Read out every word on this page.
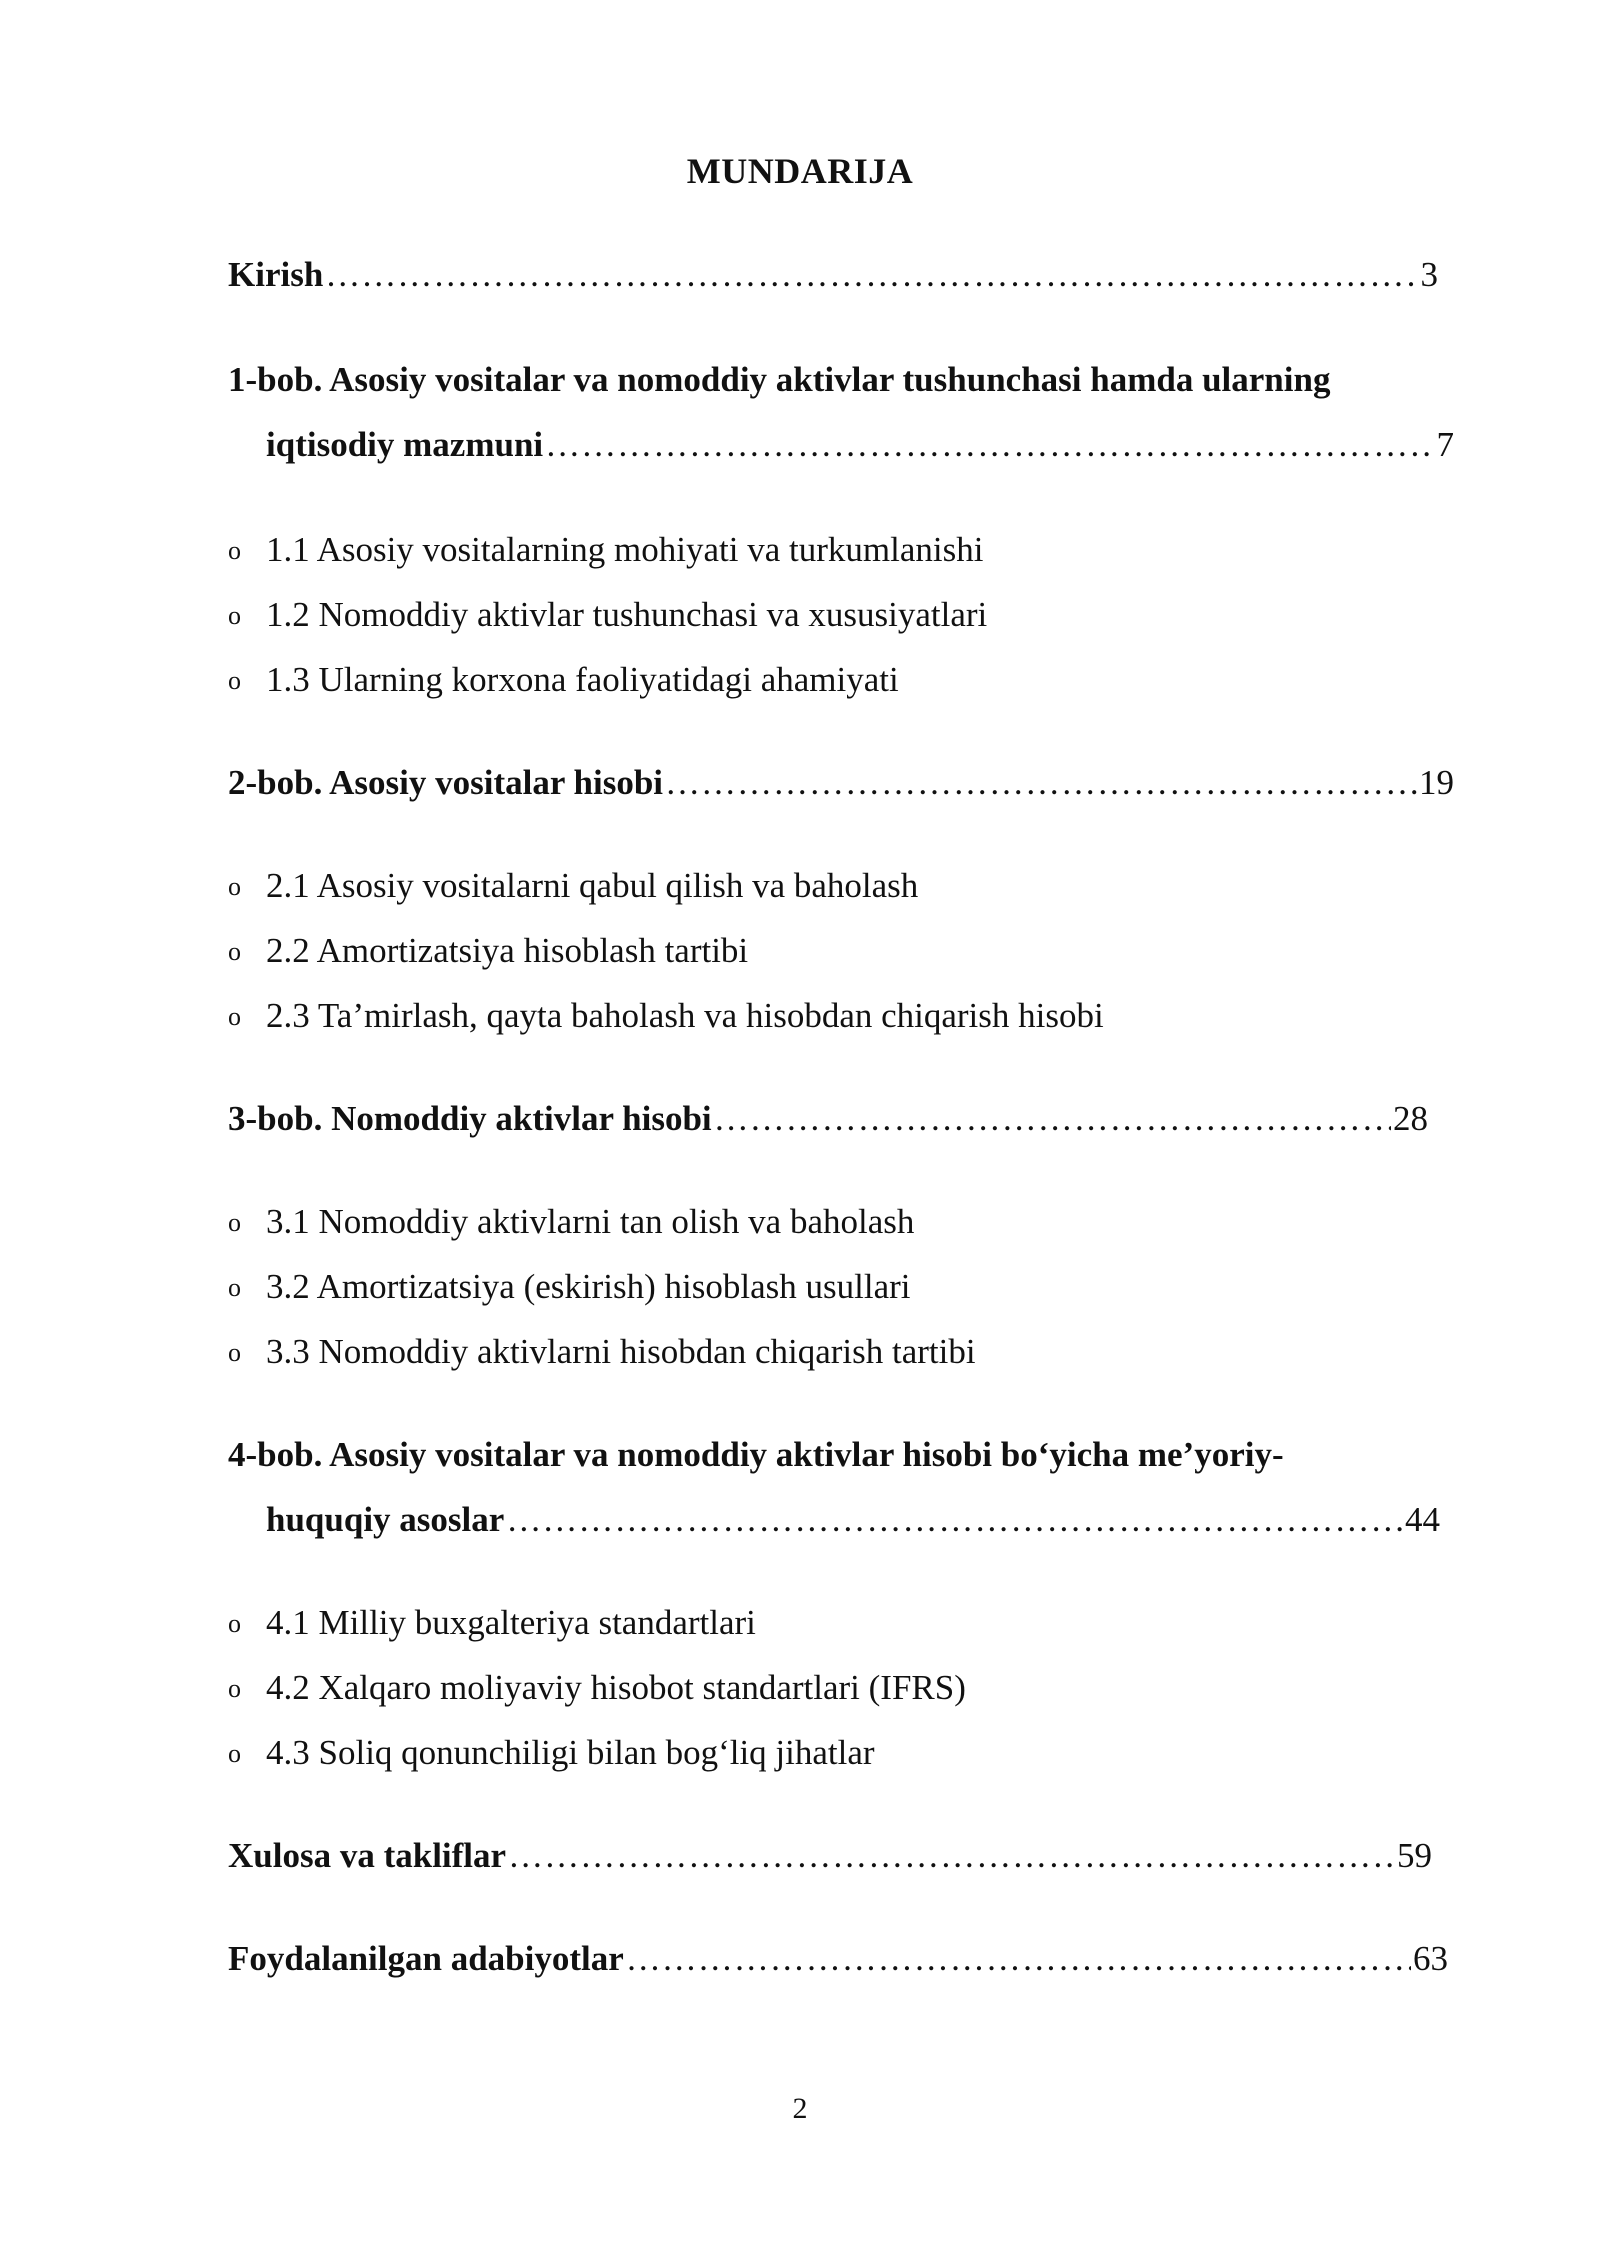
MUNDARIJA
Kirish ………………………………………………………………………………………………………………………………………………………………………………………………………………	3
1-bob. Asosiy vositalar va nomoddiy aktivlar tushunchasi hamda ularning
iqtisodiy mazmuni ………………………………………………………………………………………………………………………………………………………………………………………………………………	7
o 1.1 Asosiy vositalarning mohiyati va turkumlanishi
o 1.2 Nomoddiy aktivlar tushunchasi va xususiyatlari
o 1.3 Ularning korxona faoliyatidagi ahamiyati
2-bob. Asosiy vositalar hisobi ………………………………………………………………………………………………………………………………………………………………………………………………………………	19
o 2.1 Asosiy vositalarni qabul qilish va baholash
o 2.2 Amortizatsiya hisoblash tartibi
o 2.3 Ta’mirlash, qayta baholash va hisobdan chiqarish hisobi
3-bob. Nomoddiy aktivlar hisobi ………………………………………………………………………………………………………………………………………………………………………………………………………………	28
o 3.1 Nomoddiy aktivlarni tan olish va baholash
o 3.2 Amortizatsiya (eskirish) hisoblash usullari
o 3.3 Nomoddiy aktivlarni hisobdan chiqarish tartibi
4-bob. Asosiy vositalar va nomoddiy aktivlar hisobi bo‘yicha me’yoriy-
huquqiy asoslar ………………………………………………………………………………………………………………………………………………………………………………………………………………	44
o 4.1 Milliy buxgalteriya standartlari
o 4.2 Xalqaro moliyaviy hisobot standartlari (IFRS)
o 4.3 Soliq qonunchiligi bilan bog‘liq jihatlar
Xulosa va takliflar ………………………………………………………………………………………………………………………………………………………………………………………………………………	59
Foydalanilgan adabiyotlar ………………………………………………………………………………………………………………………………………………………………………………………………………………	63
2
